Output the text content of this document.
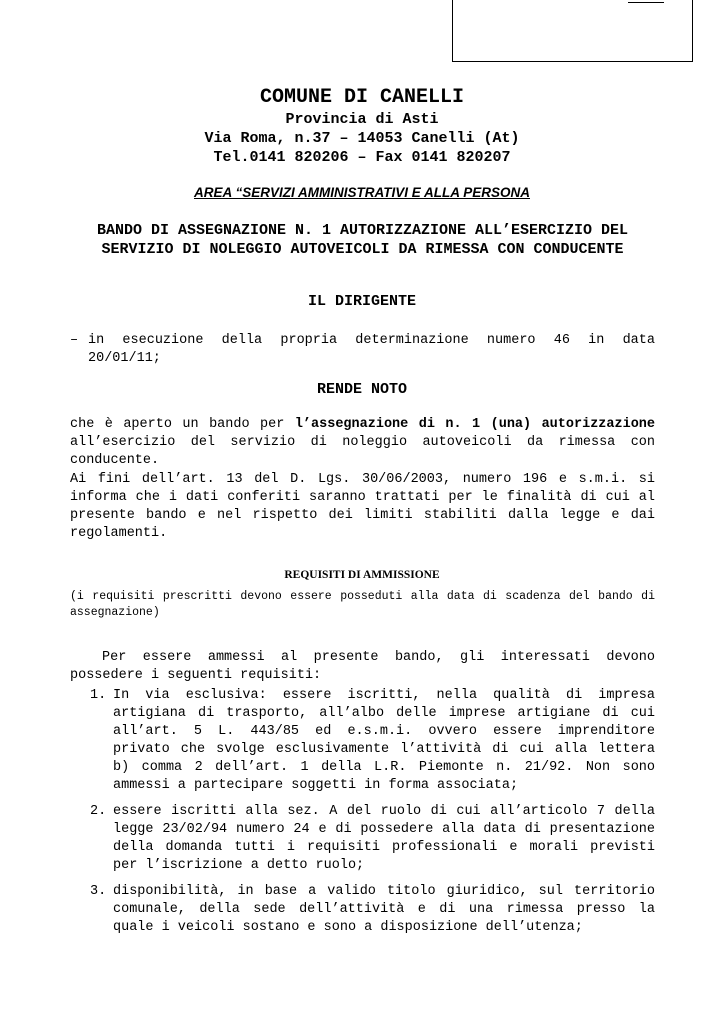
COMUNE DI CANELLI
Provincia di Asti
Via Roma, n.37 – 14053 Canelli (At)
Tel.0141 820206 – Fax 0141 820207
AREA “SERVIZI AMMINISTRATIVI E ALLA PERSONA
BANDO DI ASSEGNAZIONE N. 1 AUTORIZZAZIONE ALL’ESERCIZIO DEL SERVIZIO DI NOLEGGIO AUTOVEICOLI DA RIMESSA CON CONDUCENTE
IL DIRIGENTE
– in esecuzione della propria determinazione numero 46 in data 20/01/11;
RENDE NOTO
che è aperto un bando per l’assegnazione di n. 1 (una) autorizzazione all’esercizio del servizio di noleggio autoveicoli da rimessa con conducente.
Ai fini dell’art. 13 del D. Lgs. 30/06/2003, numero 196 e s.m.i. si informa che i dati conferiti saranno trattati per le finalità di cui al presente bando e nel rispetto dei limiti stabiliti dalla legge e dai regolamenti.
REQUISITI DI AMMISSIONE
(i requisiti prescritti devono essere posseduti alla data di scadenza del bando di assegnazione)
Per essere ammessi al presente bando, gli interessati devono possedere i seguenti requisiti:
1. In via esclusiva: essere iscritti, nella qualità di impresa artigiana di trasporto, all’albo delle imprese artigiane di cui all’art. 5 L. 443/85 ed e.s.m.i. ovvero essere imprenditore privato che svolge esclusivamente l’attività di cui alla lettera b) comma 2 dell’art. 1 della L.R. Piemonte n. 21/92. Non sono ammessi a partecipare soggetti in forma associata;
2. essere iscritti alla sez. A del ruolo di cui all’articolo 7 della legge 23/02/94 numero 24 e di possedere alla data di presentazione della domanda tutti i requisiti professionali e morali previsti per l’iscrizione a detto ruolo;
3. disponibilità, in base a valido titolo giuridico, sul territorio comunale, della sede dell’attività e di una rimessa presso la quale i veicoli sostano e sono a disposizione dell’utenza;
